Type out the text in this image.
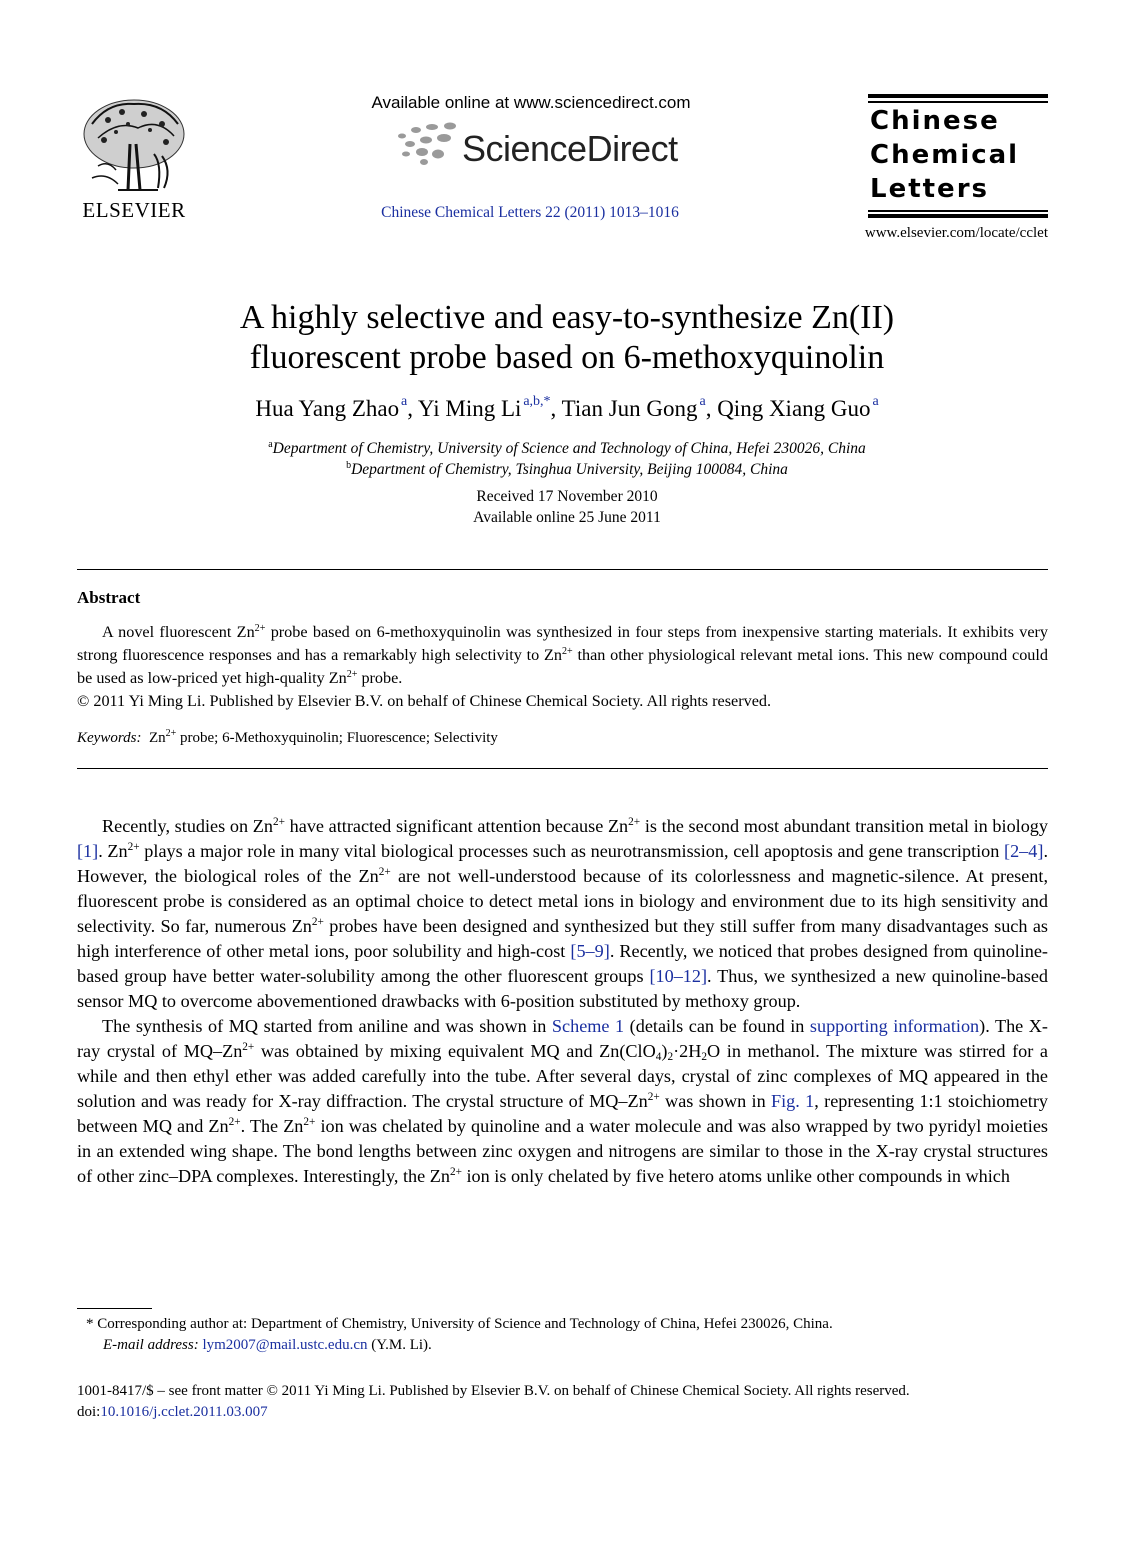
ELSEVIER
Available online at www.sciencedirect.com
ScienceDirect
Chinese Chemical Letters 22 (2011) 1013–1016
Chinese
Chemical
Letters
www.elsevier.com/locate/cclet
A highly selective and easy-to-synthesize Zn(II)
fluorescent probe based on 6-methoxyquinolin
Hua Yang Zhao  $^a$, Yi Ming Li  $^{a,b,*}$, Tian Jun Gong  $^a$, Qing Xiang Guo  $^a$
$^a$Department of Chemistry, University of Science and Technology of China, Hefei 230026, China
$^b$Department of Chemistry, Tsinghua University, Beijing 100084, China
Received 17 November 2010
Available online 25 June 2011
Abstract

A novel fluorescent $Zn^{2+}$ probe based on 6-methoxyquinolin was synthesized in four steps from inexpensive starting materials. It exhibits very strong fluorescence responses and has a remarkably high selectivity to $Zn^{2+}$ than other physiological relevant metal ions. This new compound could be used as low-priced yet high-quality $Zn^{2+}$ probe.

© 2011 Yi Ming Li. Published by Elsevier B.V. on behalf of Chinese Chemical Society. All rights reserved.
Keywords:  $Zn^{2+}$ probe; 6-Methoxyquinolin; Fluorescence; Selectivity

Recently, studies on $Zn^{2+}$ have attracted significant attention because $Zn^{2+}$ is the second most abundant transition metal in biology [1]. $Zn^{2+}$ plays a major role in many vital biological processes such as neurotransmission, cell apoptosis and gene transcription [2–4]. However, the biological roles of the $Zn^{2+}$ are not well-understood because of its colorlessness and magnetic-silence. At present, fluorescent probe is considered as an optimal choice to detect metal ions in biology and environment due to its high sensitivity and selectivity. So far, numerous $Zn^{2+}$ probes have been designed and synthesized but they still suffer from many disadvantages such as high interference of other metal ions, poor solubility and high-cost [5–9]. Recently, we noticed that probes designed from quinoline-based group have better water-solubility among the other fluorescent groups [10–12]. Thus, we synthesized a new quinoline-based sensor MQ to overcome abovementioned drawbacks with 6-position substituted by methoxy group.

The synthesis of MQ started from aniline and was shown in Scheme 1 (details can be found in supporting information). The X-ray crystal of $MQ-Zn^{2+}$ was obtained by mixing equivalent MQ and $Zn(ClO_4)_2\cdot 2H_2O$ in methanol. The mixture was stirred for a while and then ethyl ether was added carefully into the tube. After several days, crystal of zinc complexes of MQ appeared in the solution and was ready for X-ray diffraction. The crystal structure of $MQ-Zn^{2+}$ was shown in Fig. 1, representing 1:1 stoichiometry between MQ and $Zn^{2+}$. The $Zn^{2+}$ ion was chelated by quinoline and a water molecule and was also wrapped by two pyridyl moieties in an extended wing shape. The bond lengths between zinc oxygen and nitrogens are similar to those in the X-ray crystal structures of other zinc–DPA complexes. Interestingly, the $Zn^{2+}$ ion is only chelated by five hetero atoms unlike other compounds in which

* Corresponding author at: Department of Chemistry, University of Science and Technology of China, Hefei 230026, China.
E-mail address: lym2007@mail.ustc.edu.cn (Y.M. Li).
1001-8417/$ – see front matter © 2011 Yi Ming Li. Published by Elsevier B.V. on behalf of Chinese Chemical Society. All rights reserved.
doi:10.1016/j.cclet.2011.03.007
